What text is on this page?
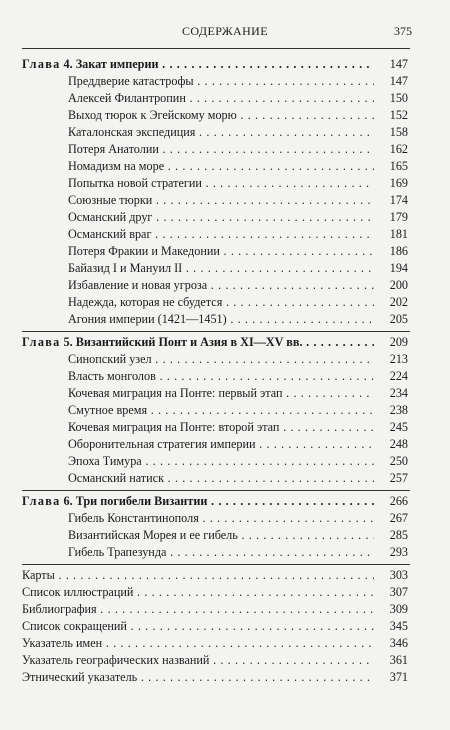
СОДЕРЖАНИЕ	375
Глава 4. Закат империи . . .	147
Преддверие катастрофы . . .	147
Алексей Филантропин . . .	150
Выход тюрок к Эгейскому морю . . .	152
Каталонская экспедиция . . .	158
Потеря Анатолии . . .	162
Номадизм на море . . .	165
Попытка новой стратегии . . .	169
Союзные тюрки . . .	174
Османский друг . . .	179
Османский враг . . .	181
Потеря Фракии и Македонии . . .	186
Байазид I и Мануил II . . .	194
Избавление и новая угроза . . .	200
Надежда, которая не сбудется . . .	202
Агония империи (1421—1451) . . .	205
Глава 5. Византийский Понт и Азия в XI—XV вв. . . .	209
Синопский узел . . .	213
Власть монголов . . .	224
Кочевая миграция на Понте: первый этап . . .	234
Смутное время . . .	238
Кочевая миграция на Понте: второй этап . . .	245
Оборонительная стратегия империи . . .	248
Эпоха Тимура . . .	250
Османский натиск . . .	257
Глава 6. Три погибели Византии . . .	266
Гибель Константинополя . . .	267
Византийская Морея и ее гибель . . .	285
Гибель Трапезунда . . .	293
Карты . . .	303
Список иллюстраций . . .	307
Библиография . . .	309
Список сокращений . . .	345
Указатель имен . . .	346
Указатель географических названий . . .	361
Этнический указатель . . .	371
